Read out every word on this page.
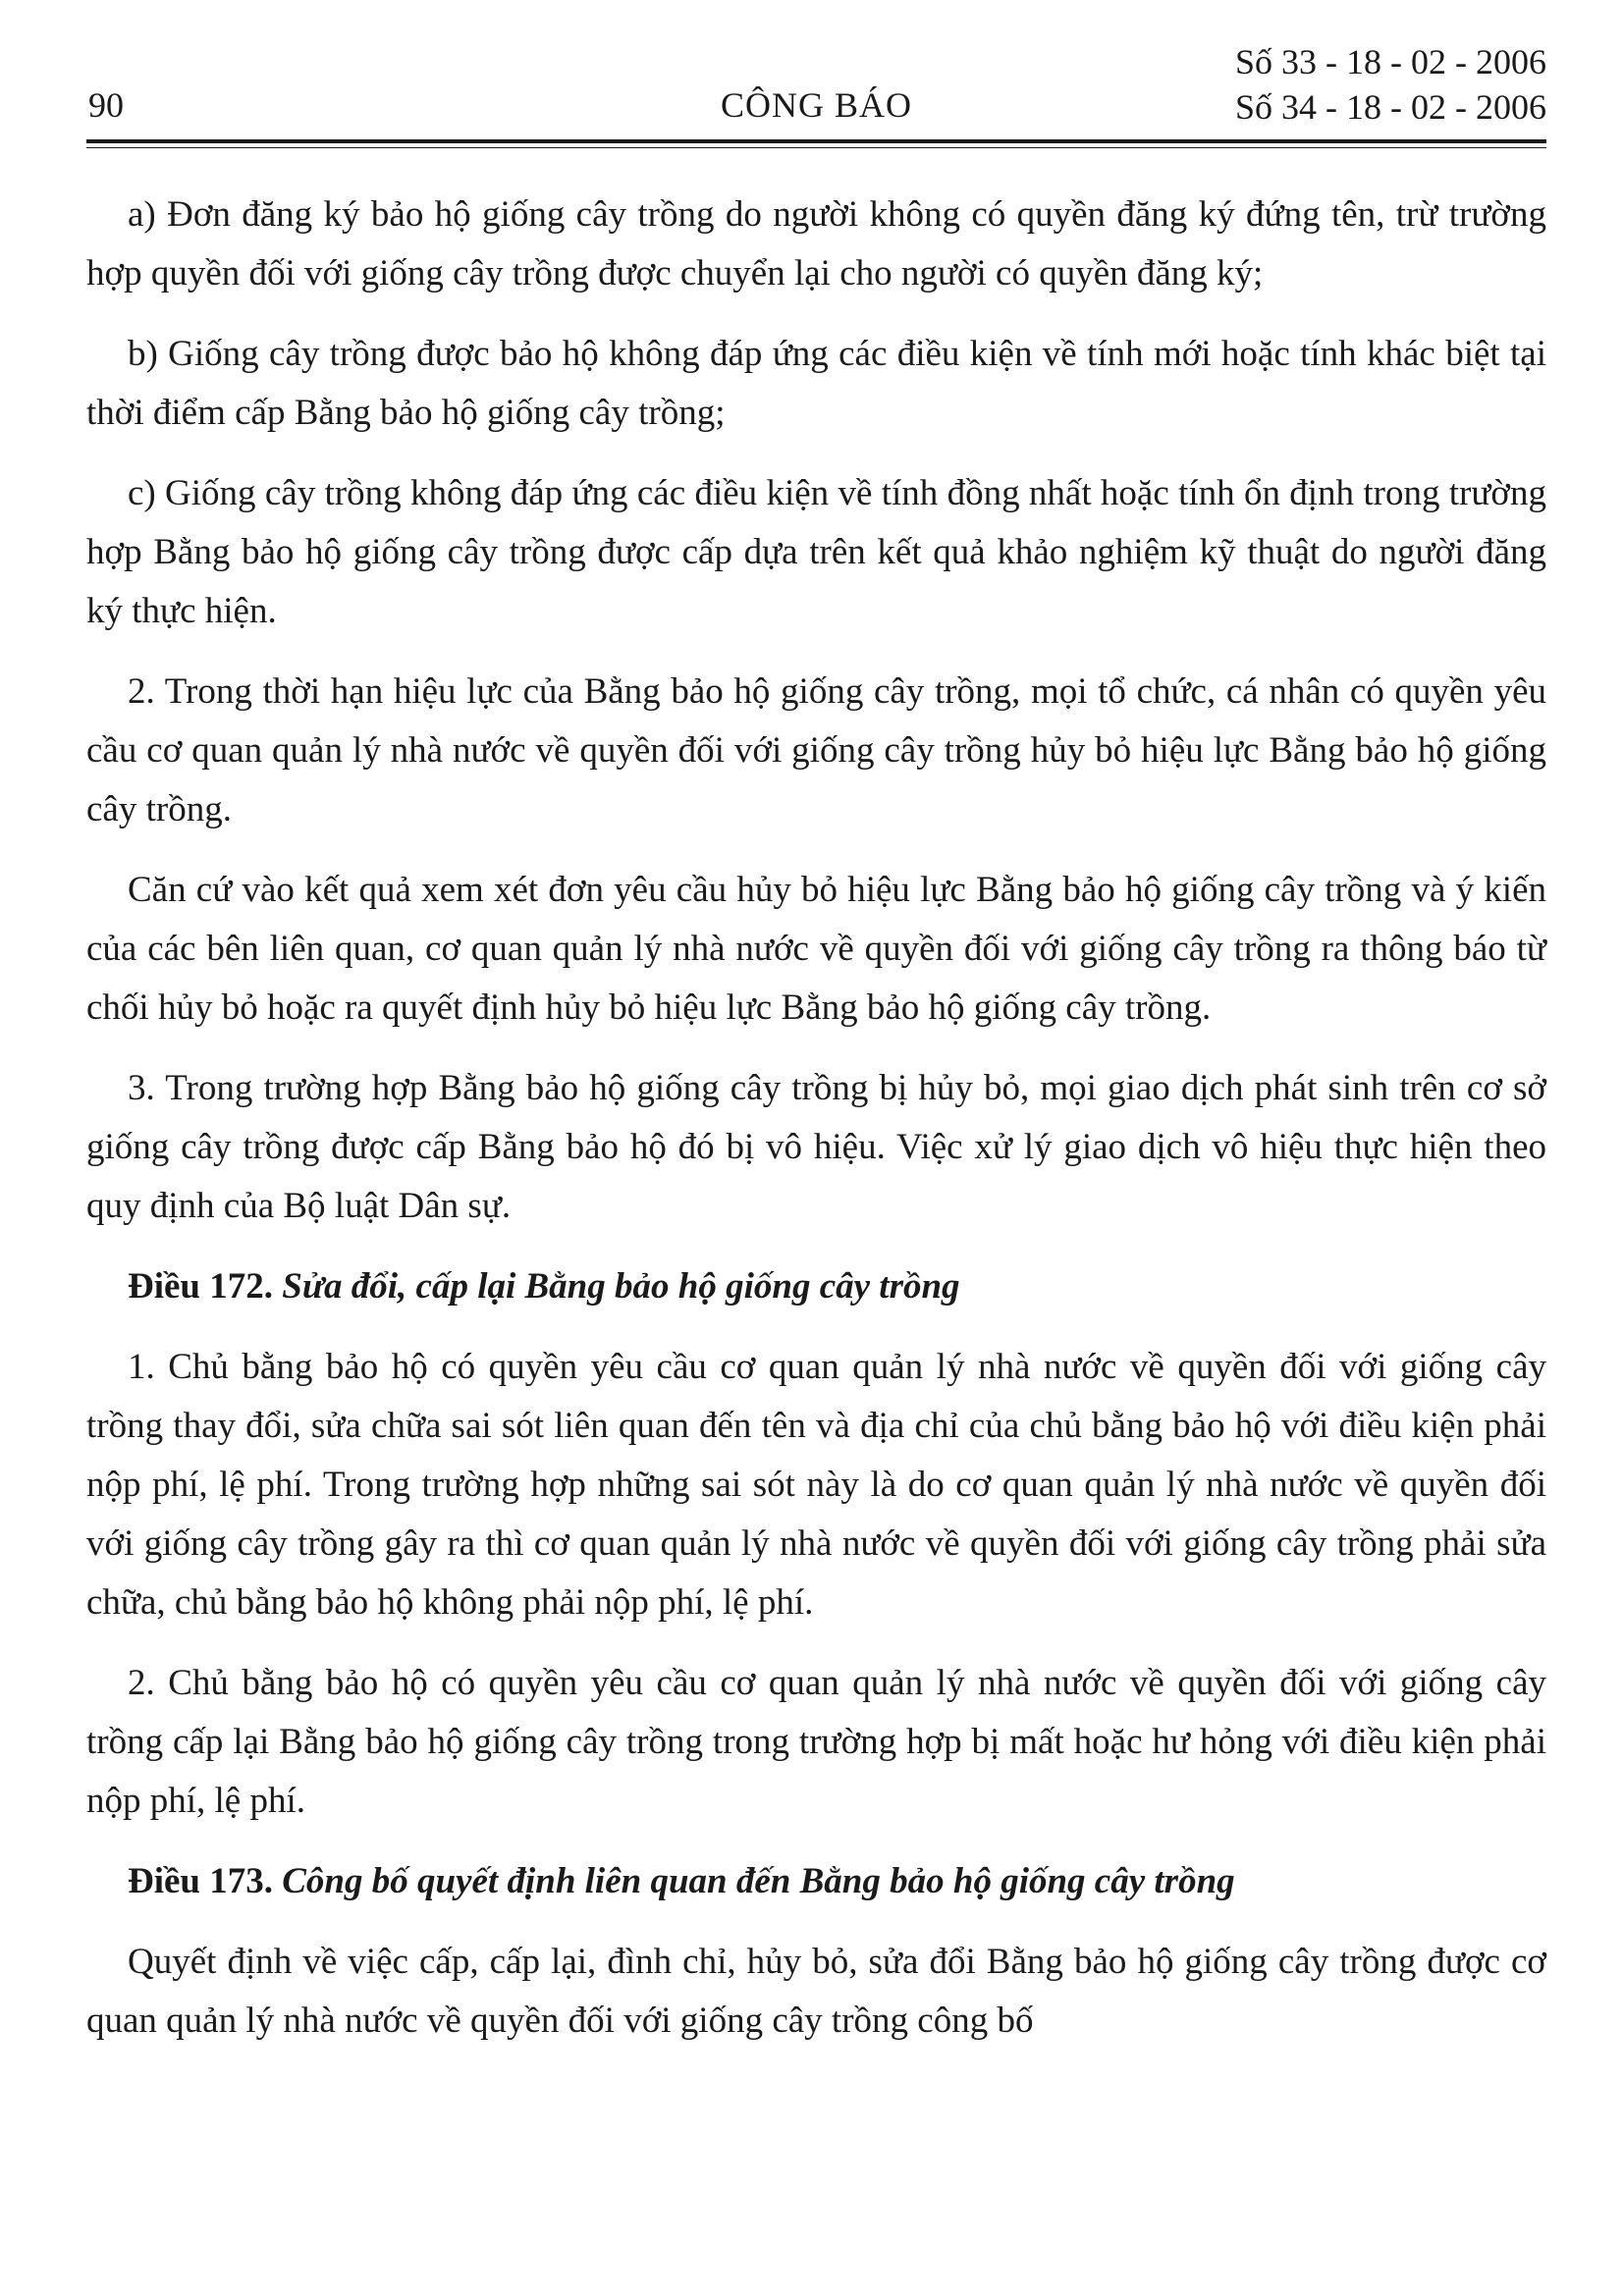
90	CÔNG BÁO
Số 33 - 18 - 02 - 2006
Số 34 - 18 - 02 - 2006

a) Đơn đăng ký bảo hộ giống cây trồng do người không có quyền đăng ký đứng tên, trừ trường hợp quyền đối với giống cây trồng được chuyển lại cho người có quyền đăng ký;

b) Giống cây trồng được bảo hộ không đáp ứng các điều kiện về tính mới hoặc tính khác biệt tại thời điểm cấp Bằng bảo hộ giống cây trồng;

c) Giống cây trồng không đáp ứng các điều kiện về tính đồng nhất hoặc tính ổn định trong trường hợp Bằng bảo hộ giống cây trồng được cấp dựa trên kết quả khảo nghiệm kỹ thuật do người đăng ký thực hiện.

2. Trong thời hạn hiệu lực của Bằng bảo hộ giống cây trồng, mọi tổ chức, cá nhân có quyền yêu cầu cơ quan quản lý nhà nước về quyền đối với giống cây trồng hủy bỏ hiệu lực Bằng bảo hộ giống cây trồng.

Căn cứ vào kết quả xem xét đơn yêu cầu hủy bỏ hiệu lực Bằng bảo hộ giống cây trồng và ý kiến của các bên liên quan, cơ quan quản lý nhà nước về quyền đối với giống cây trồng ra thông báo từ chối hủy bỏ hoặc ra quyết định hủy bỏ hiệu lực Bằng bảo hộ giống cây trồng.

3. Trong trường hợp Bằng bảo hộ giống cây trồng bị hủy bỏ, mọi giao dịch phát sinh trên cơ sở giống cây trồng được cấp Bằng bảo hộ đó bị vô hiệu. Việc xử lý giao dịch vô hiệu thực hiện theo quy định của Bộ luật Dân sự.

Điều 172. Sửa đổi, cấp lại Bằng bảo hộ giống cây trồng

1. Chủ bằng bảo hộ có quyền yêu cầu cơ quan quản lý nhà nước về quyền đối với giống cây trồng thay đổi, sửa chữa sai sót liên quan đến tên và địa chỉ của chủ bằng bảo hộ với điều kiện phải nộp phí, lệ phí. Trong trường hợp những sai sót này là do cơ quan quản lý nhà nước về quyền đối với giống cây trồng gây ra thì cơ quan quản lý nhà nước về quyền đối với giống cây trồng phải sửa chữa, chủ bằng bảo hộ không phải nộp phí, lệ phí.

2. Chủ bằng bảo hộ có quyền yêu cầu cơ quan quản lý nhà nước về quyền đối với giống cây trồng cấp lại Bằng bảo hộ giống cây trồng trong trường hợp bị mất hoặc hư hỏng với điều kiện phải nộp phí, lệ phí.

Điều 173. Công bố quyết định liên quan đến Bằng bảo hộ giống cây trồng

Quyết định về việc cấp, cấp lại, đình chỉ, hủy bỏ, sửa đổi Bằng bảo hộ giống cây trồng được cơ quan quản lý nhà nước về quyền đối với giống cây trồng công bố
